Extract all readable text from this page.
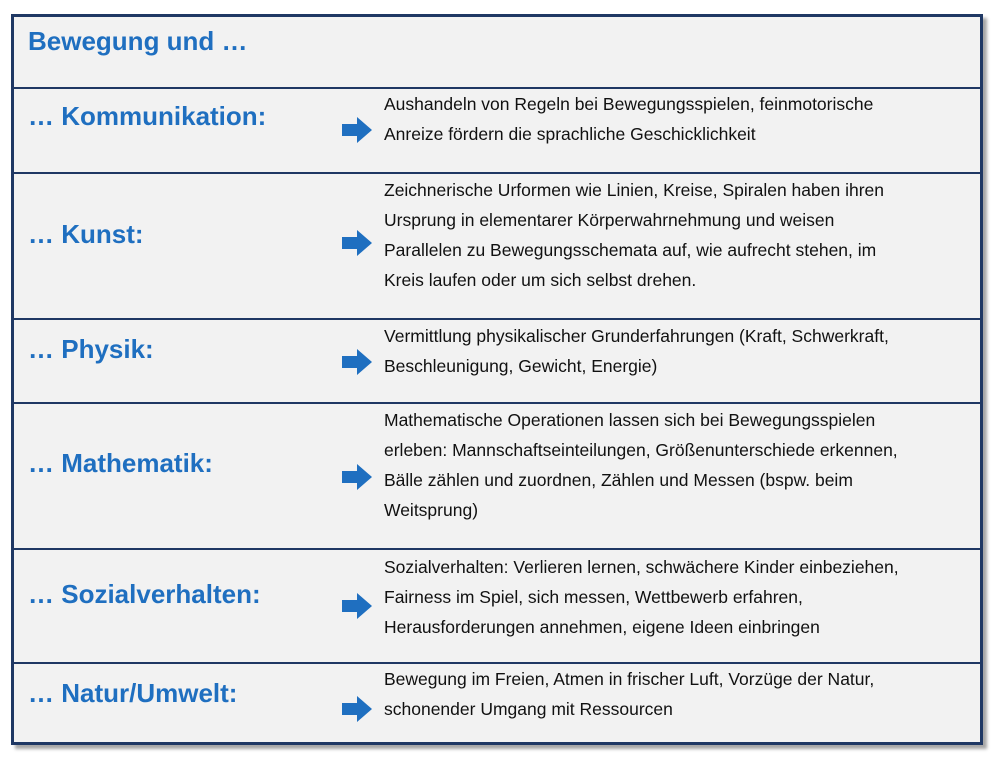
Bewegung und …
… Kommunikation:	Aushandeln von Regeln bei Bewegungsspielen, feinmotorische
Anreize fördern die sprachliche Geschicklichkeit
… Kunst:
Zeichnerische Urformen wie Linien, Kreise, Spiralen haben ihren
Ursprung in elementarer Körperwahrnehmung und weisen
Parallelen zu Bewegungsschemata auf, wie aufrecht stehen, im
Kreis laufen oder um sich selbst drehen.
… Physik:	Vermittlung physikalischer Grunderfahrungen (Kraft, Schwerkraft,
Beschleunigung, Gewicht, Energie)
… Mathematik:
Mathematische Operationen lassen sich bei Bewegungsspielen
erleben: Mannschaftseinteilungen, Größenunterschiede erkennen,
Bälle zählen und zuordnen, Zählen und Messen (bspw. beim
Weitsprung)
… Sozialverhalten:
Sozialverhalten: Verlieren lernen, schwächere Kinder einbeziehen,
Fairness im Spiel, sich messen, Wettbewerb erfahren,
Herausforderungen annehmen, eigene Ideen einbringen
… Natur/Umwelt:	Bewegung im Freien, Atmen in frischer Luft, Vorzüge der Natur,
schonender Umgang mit Ressourcen
